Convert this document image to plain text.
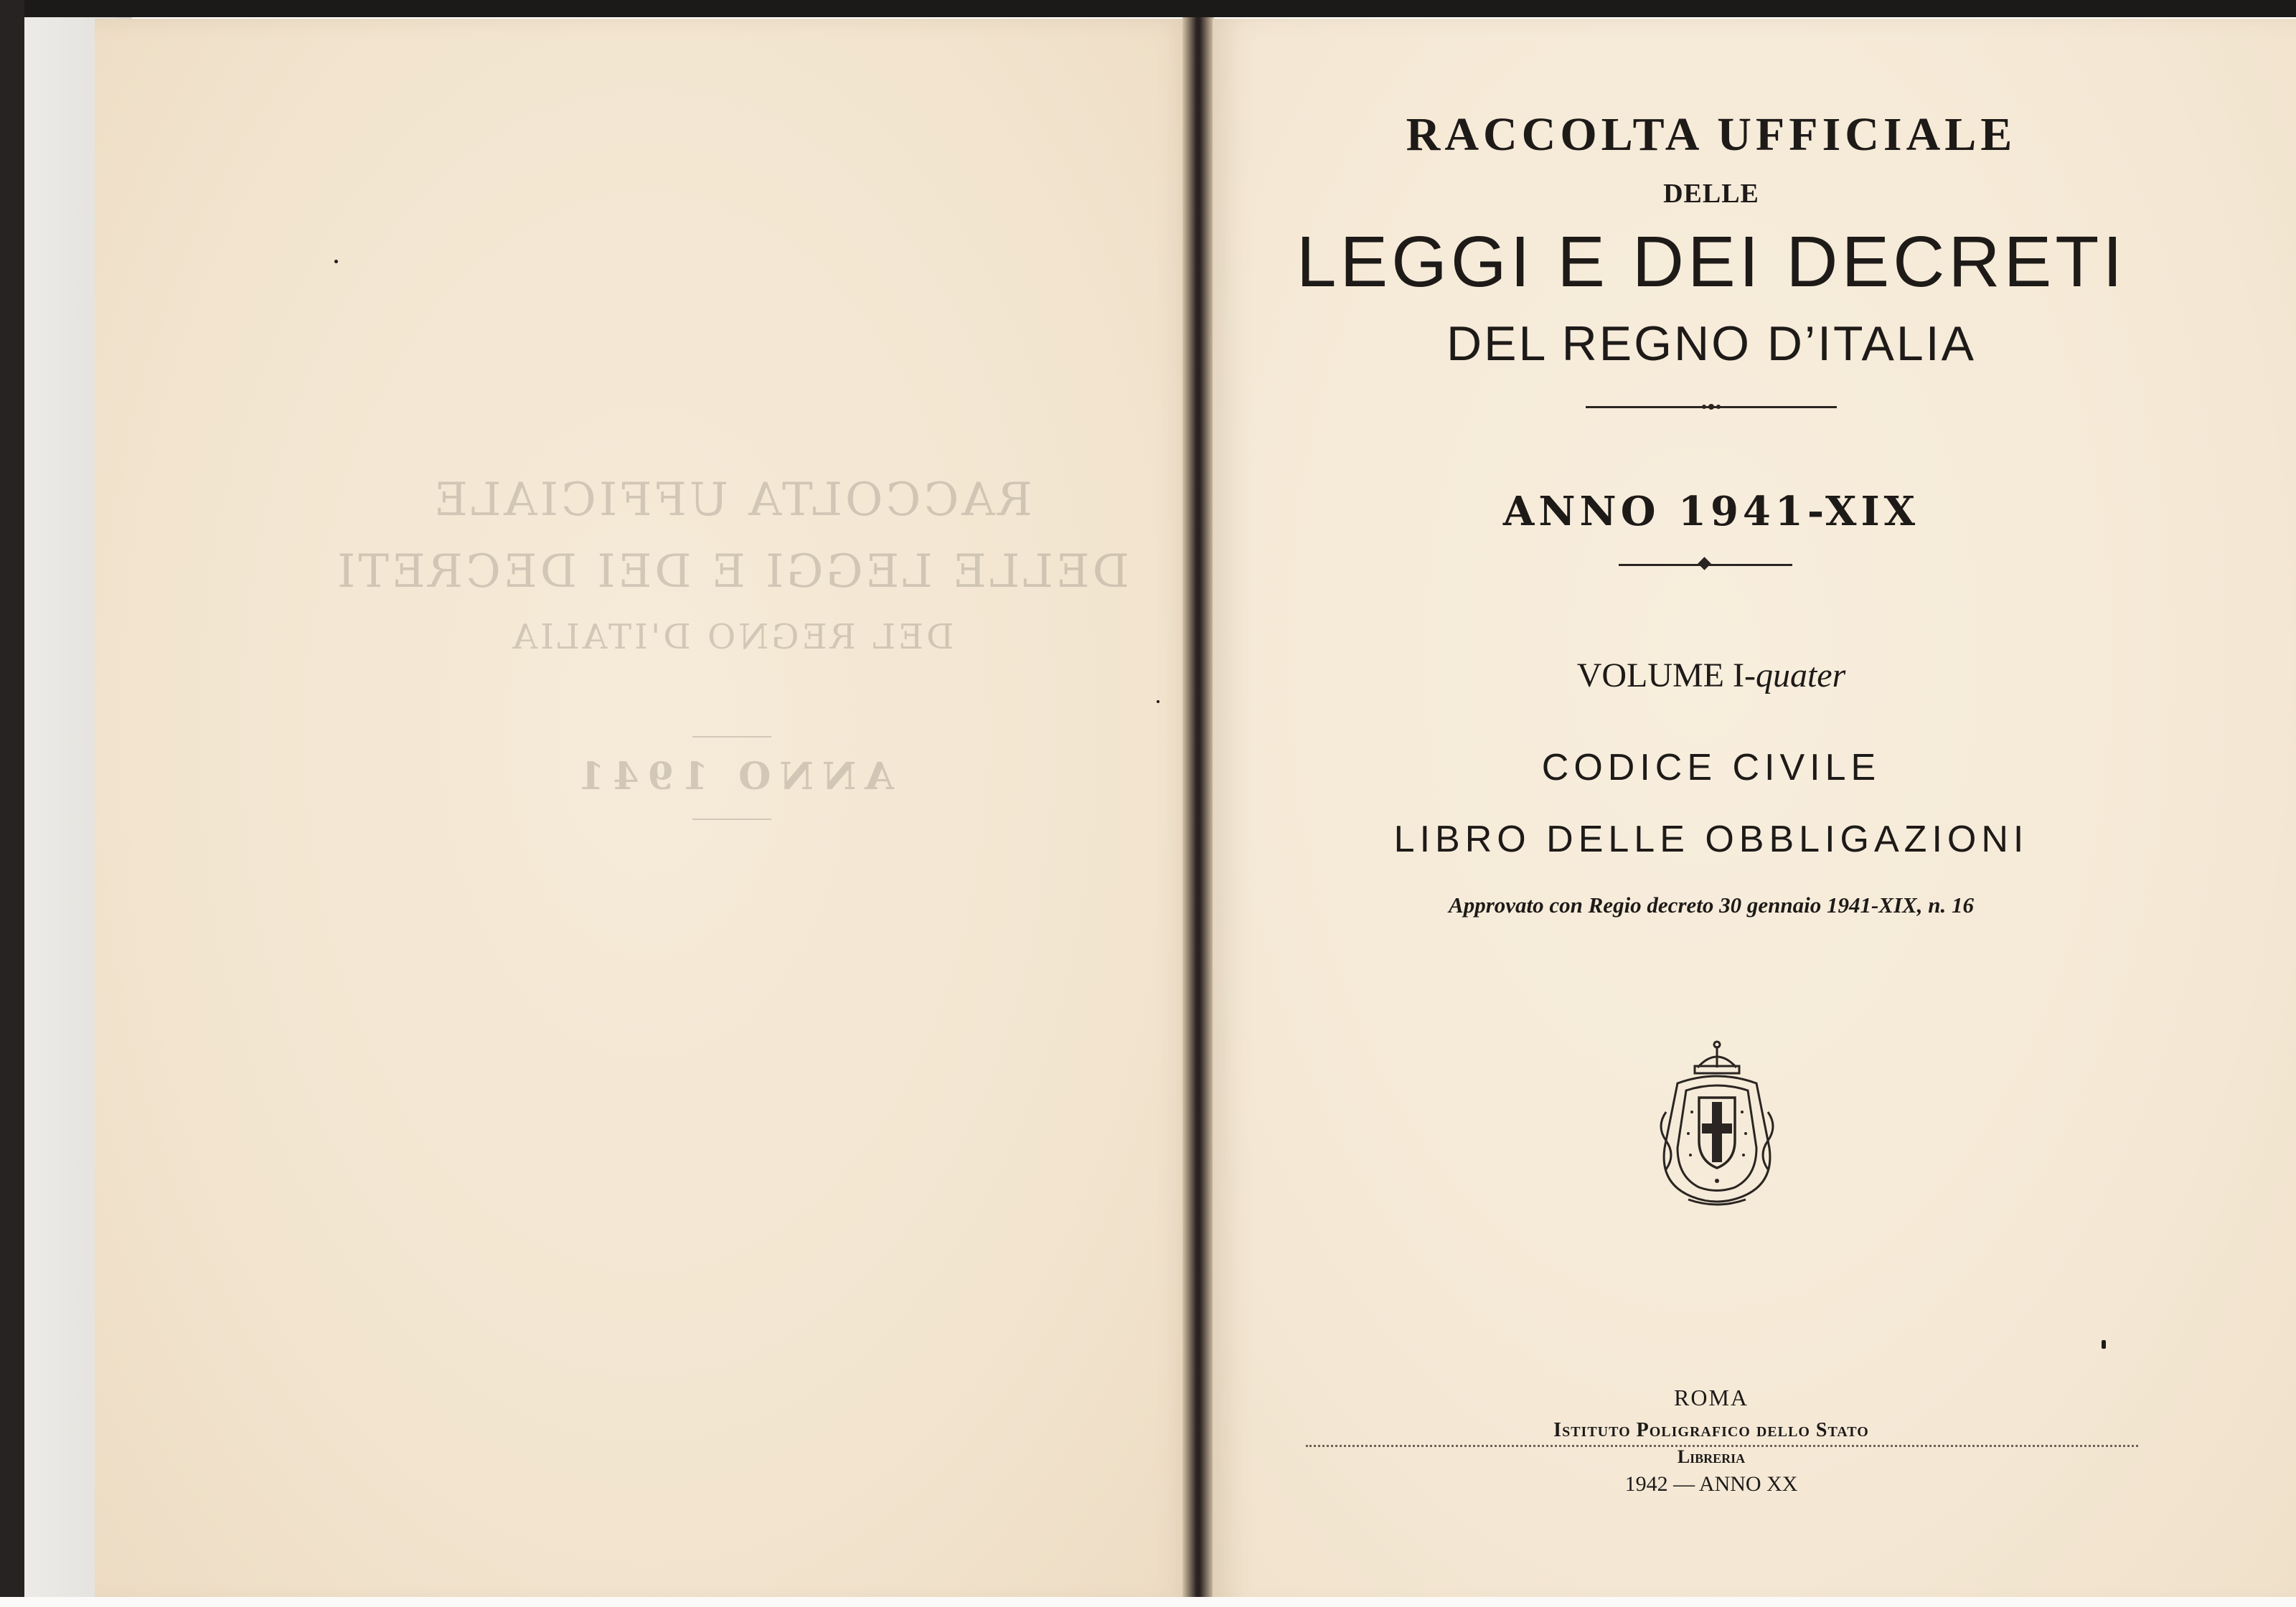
RACCOLTA UFFICIALE
DELLE LEGGI E DEI DECRETI
DEL REGNO D'ITALIA
ANNO 1941
RACCOLTA UFFICIALE
DELLE
LEGGI E DEI DECRETI
DEL REGNO D’ITALIA
ANNO 1941-XIX
VOLUME I-quater
CODICE CIVILE
LIBRO DELLE OBBLIGAZIONI
Approvato con Regio decreto 30 gennaio 1941-XIX, n. 16
ROMA
Istituto Poligrafico dello Stato
Libreria
1942 — ANNO XX
